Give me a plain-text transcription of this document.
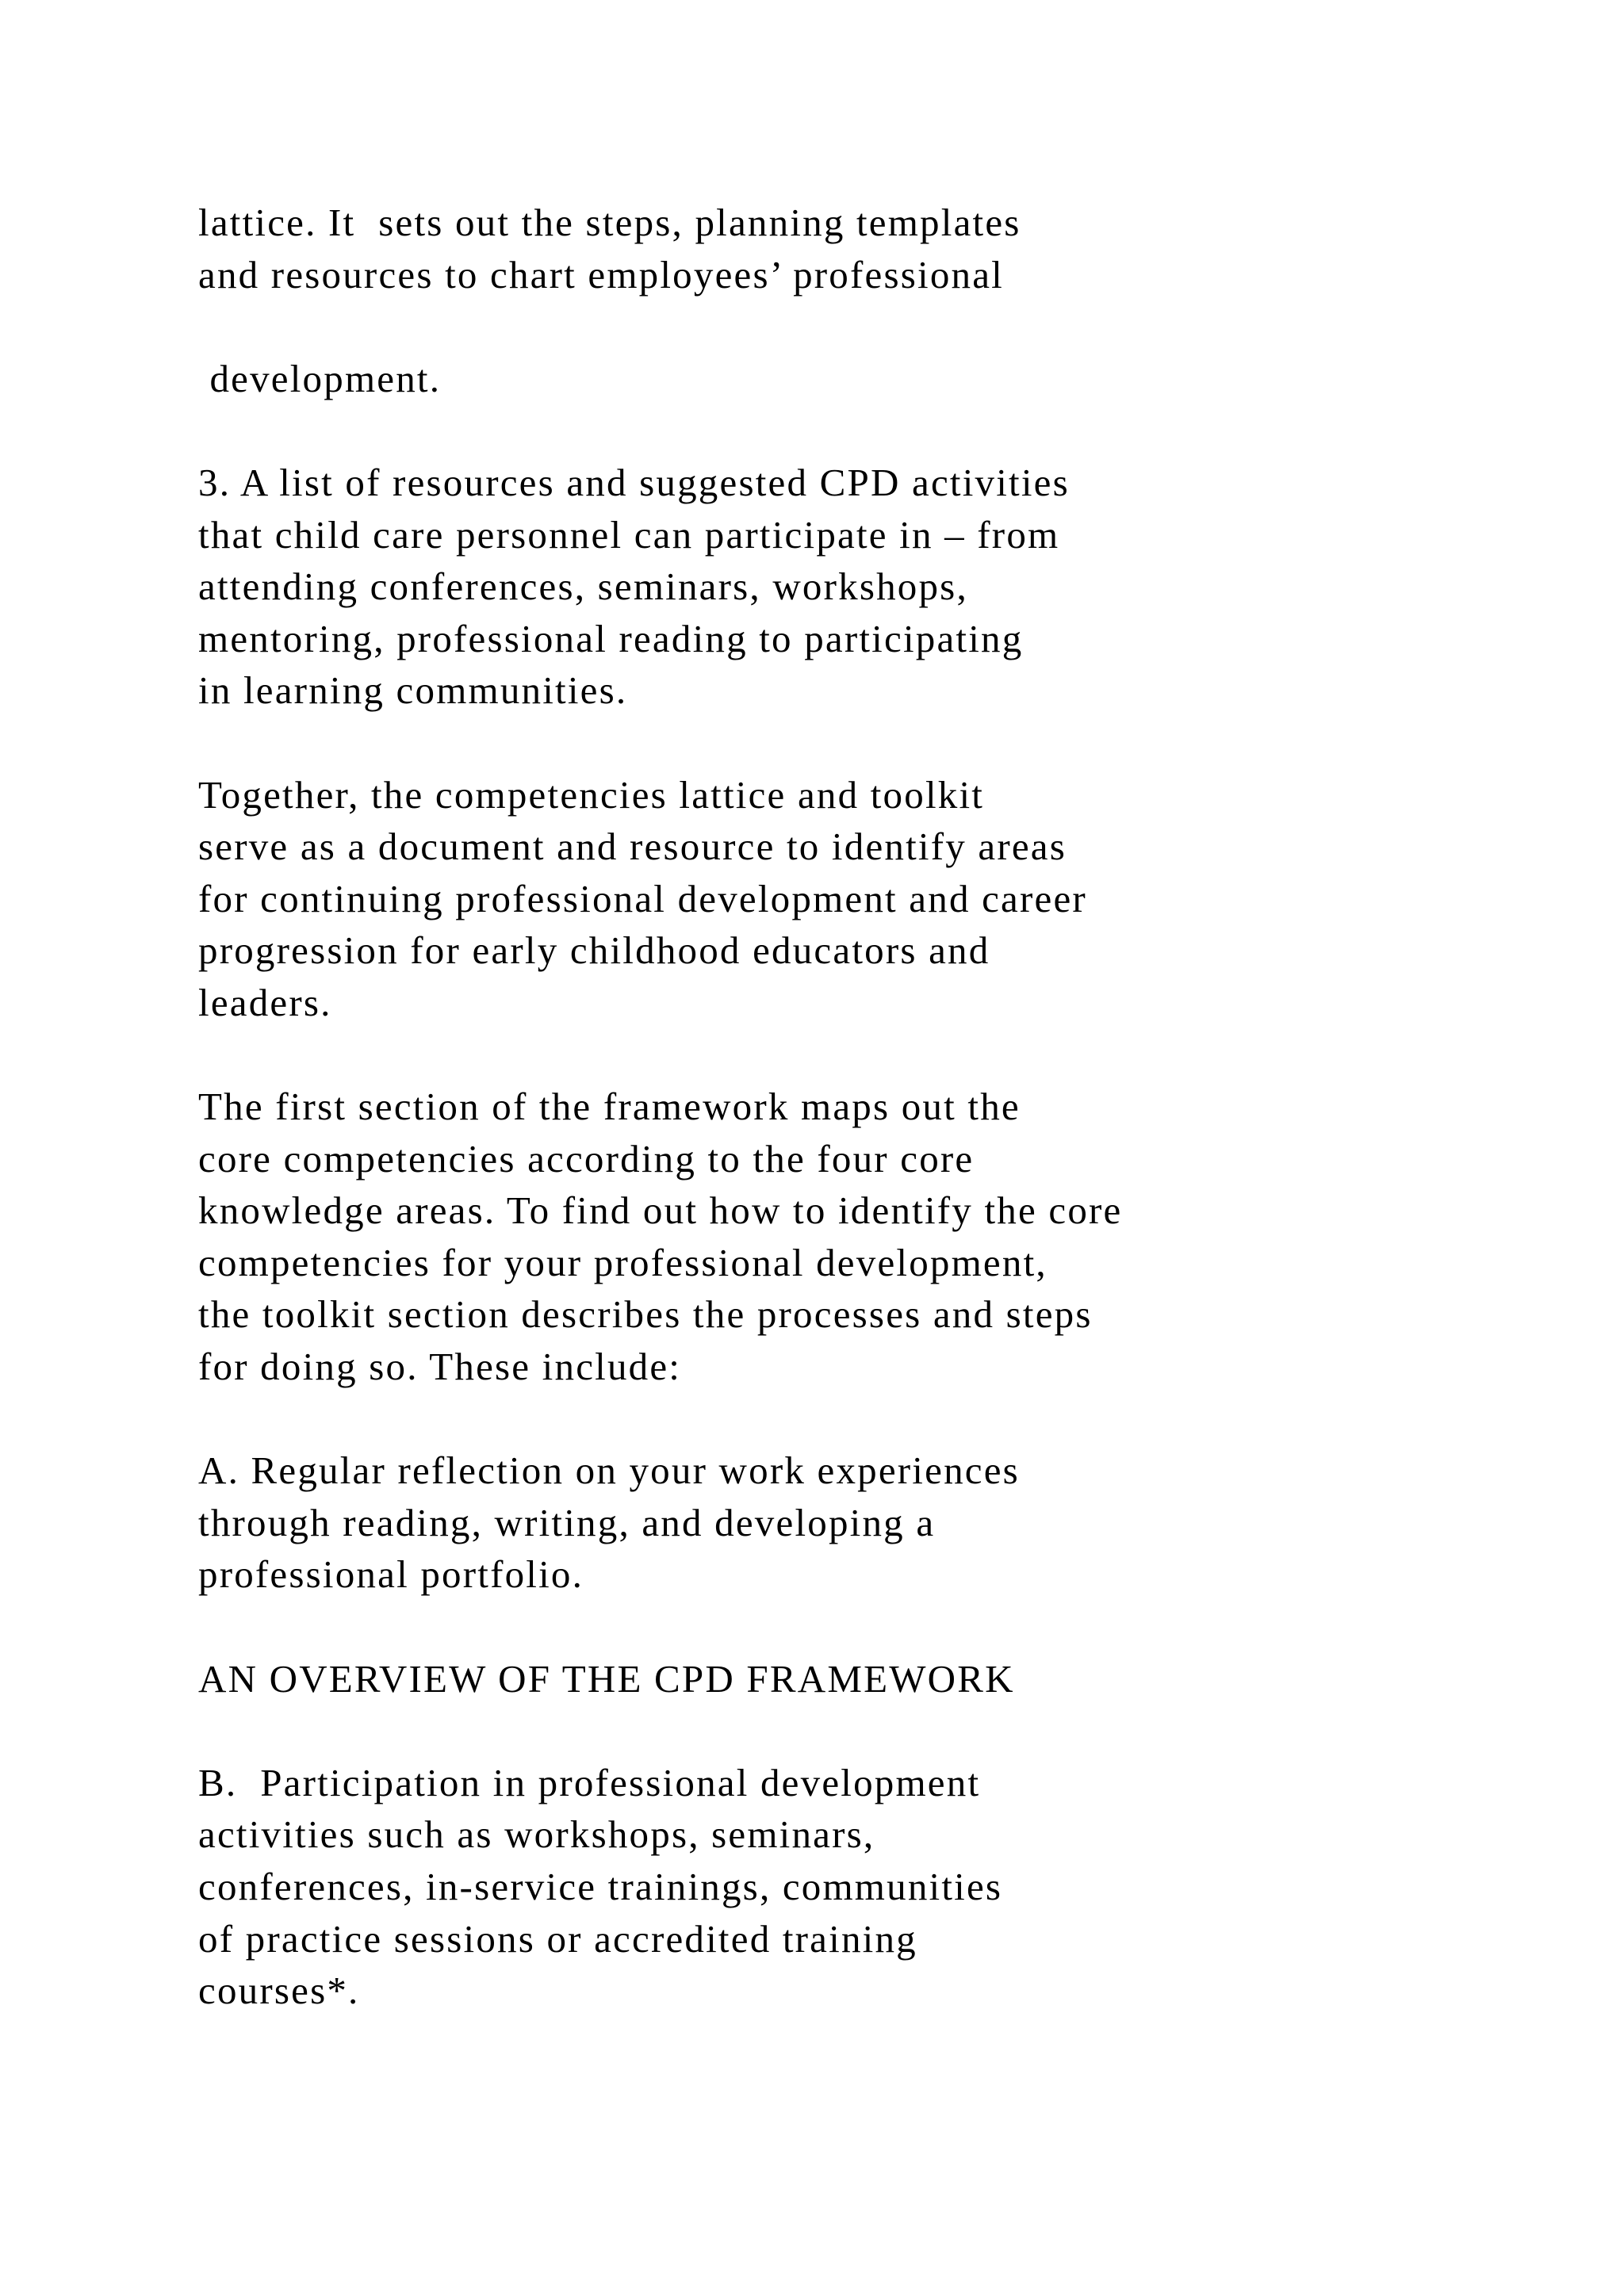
lattice. It  sets out the steps, planning templates
and resources to chart employees’ professional

development.

3. A list of resources and suggested CPD activities
that child care personnel can participate in – from
attending conferences, seminars, workshops,
mentoring, professional reading to participating
in learning communities.

Together, the competencies lattice and toolkit
serve as a document and resource to identify areas
for continuing professional development and career
progression for early childhood educators and
leaders.

The first section of the framework maps out the
core competencies according to the four core
knowledge areas. To find out how to identify the core
competencies for your professional development,
the toolkit section describes the processes and steps
for doing so. These include:

A. Regular reflection on your work experiences
through reading, writing, and developing a
professional portfolio.

AN OVERVIEW OF THE CPD FRAMEWORK

B.  Participation in professional development
activities such as workshops, seminars,
conferences, in-service trainings, communities
of practice sessions or accredited training
courses*.
